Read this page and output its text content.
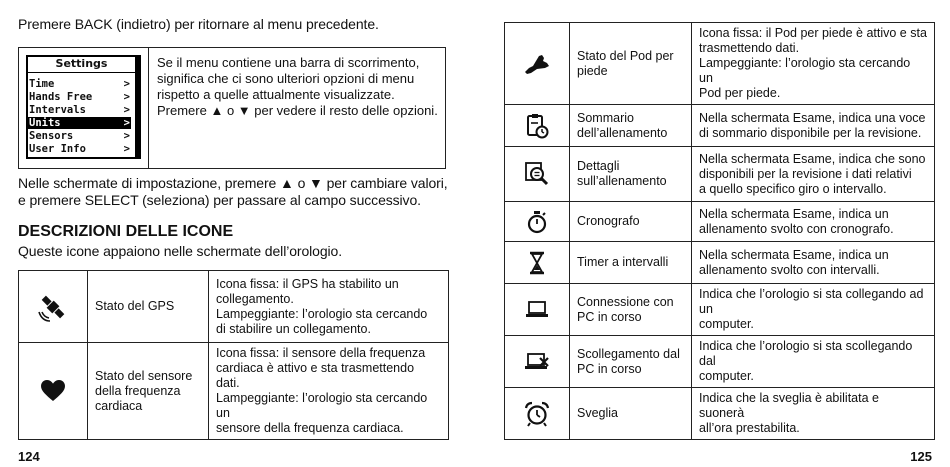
Premere BACK (indietro) per ritornare al menu precedente.
Settings
Time	>
Hands Free	>
Intervals	>
Units	>
Sensors	>
User Info	>
Se il menu contiene una barra di scorrimento, significa che ci sono ulteriori opzioni di menu rispetto a quelle attualmente visualizzate. Premere ▲ o ▼ per vedere il resto delle opzioni.
Nelle schermate di impostazione, premere ▲ o ▼ per cambiare valori,
e premere SELECT (seleziona) per passare al campo successivo.
DESCRIZIONI DELLE ICONE
Queste icone appaiono nelle schermate dell’orologio.
	Stato del GPS	Icona fissa: il GPS ha stabilito un
collegamento.
Lampeggiante: l’orologio sta cercando
di stabilire un collegamento.

	Stato del sensore della frequenza cardiaca	Icona fissa: il sensore della frequenza
cardiaca è attivo e sta trasmettendo dati.
Lampeggiante: l’orologio sta cercando un
sensore della frequenza cardiaca.
124
	Stato del Pod per piede	Icona fissa: il Pod per piede è attivo e sta
trasmettendo dati.
Lampeggiante: l’orologio sta cercando un
Pod per piede.

	Sommario dell’allenamento	Nella schermata Esame, indica una voce
di sommario disponibile per la revisione.

	Dettagli sull’allenamento	Nella schermata Esame, indica che sono
disponibili per la revisione i dati relativi
a quello specifico giro o intervallo.

	Cronografo	Nella schermata Esame, indica un
allenamento svolto con cronografo.

	Timer a intervalli	Nella schermata Esame, indica un
allenamento svolto con intervalli.

	Connessione con PC in corso	Indica che l’orologio si sta collegando ad un
computer.

	Scollegamento dal PC in corso	Indica che l’orologio si sta scollegando dal
computer.

	Sveglia	Indica che la sveglia è abilitata e suonerà
all’ora prestabilita.
125
